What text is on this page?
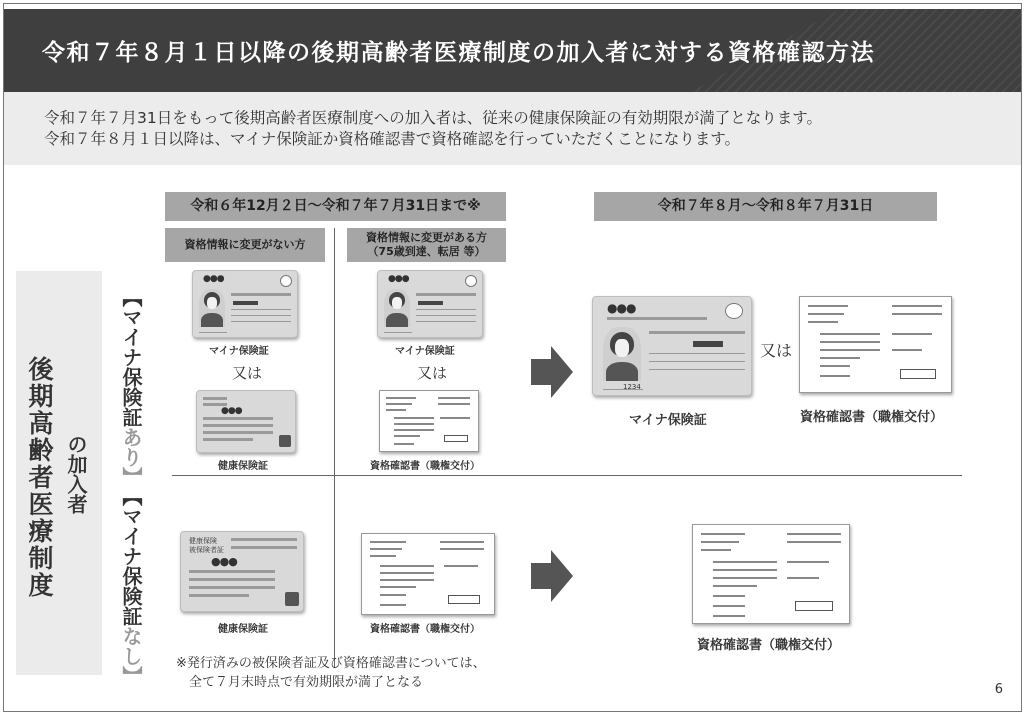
令和７年８月１日以降の後期高齢者医療制度の加入者に対する資格確認方法

令和７年７月31日をもって後期高齢者医療制度への加入者は、従来の健康保険証の有効期限が満了となります。

令和７年８月１日以降は、マイナ保険証か資格確認書で資格確認を行っていただくことになります。

後期高齢者医療制度 の加入者
【マイナ保険証あり】
【マイナ保険証なし】
令和６年12月２日〜令和７年７月31日まで※	令和７年８月〜令和８年７月31日
資格情報に変更がない方
資格情報に変更がある方
（75歳到達、転居 等）
●●●
マイナ保険証
又は
●●●
健康保険証
●●●
マイナ保険証
又は
資格確認書（職権交付）
●●●
1234
マイナ保険証
又は
資格確認書（職権交付）
健康保険
被保険者証
●●●
健康保険証	資格確認書（職権交付）
資格確認書（職権交付）
※発行済みの被保険者証及び資格確認書については、
　全て７月末時点で有効期限が満了となる	6
